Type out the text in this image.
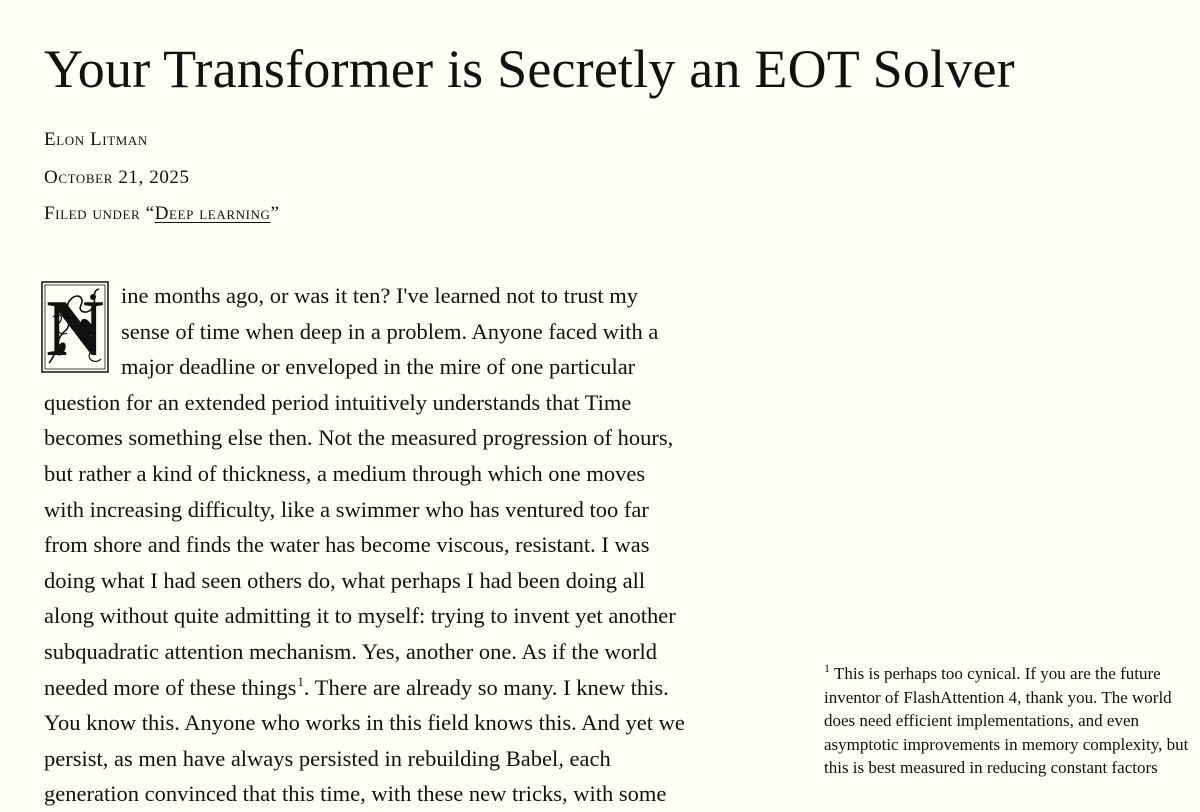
Your Transformer is Secretly an EOT Solver
Elon Litman
October 21, 2025
Filed under “Deep learning”
N ine months ago, or was it ten? I've learned not to trust my
sense of time when deep in a problem. Anyone faced with a
major deadline or enveloped in the mire of one particular
question for an extended period intuitively understands that Time
becomes something else then. Not the measured progression of hours,
but rather a kind of thickness, a medium through which one moves
with increasing difficulty, like a swimmer who has ventured too far
from shore and finds the water has become viscous, resistant. I was
doing what I had seen others do, what perhaps I had been doing all
along without quite admitting it to myself: trying to invent yet another
subquadratic attention mechanism. Yes, another one. As if the world
needed more of these things$^1$. There are already so many. I knew this.
You know this. Anyone who works in this field knows this. And yet we
persist, as men have always persisted in rebuilding Babel, each
generation convinced that this time, with these new tricks, with some

$^1$ This is perhaps too cynical. If you are the future inventor of FlashAttention 4, thank you. The world does need efficient implementations, and even asymptotic improvements in memory complexity, but this is best measured in reducing constant factors
